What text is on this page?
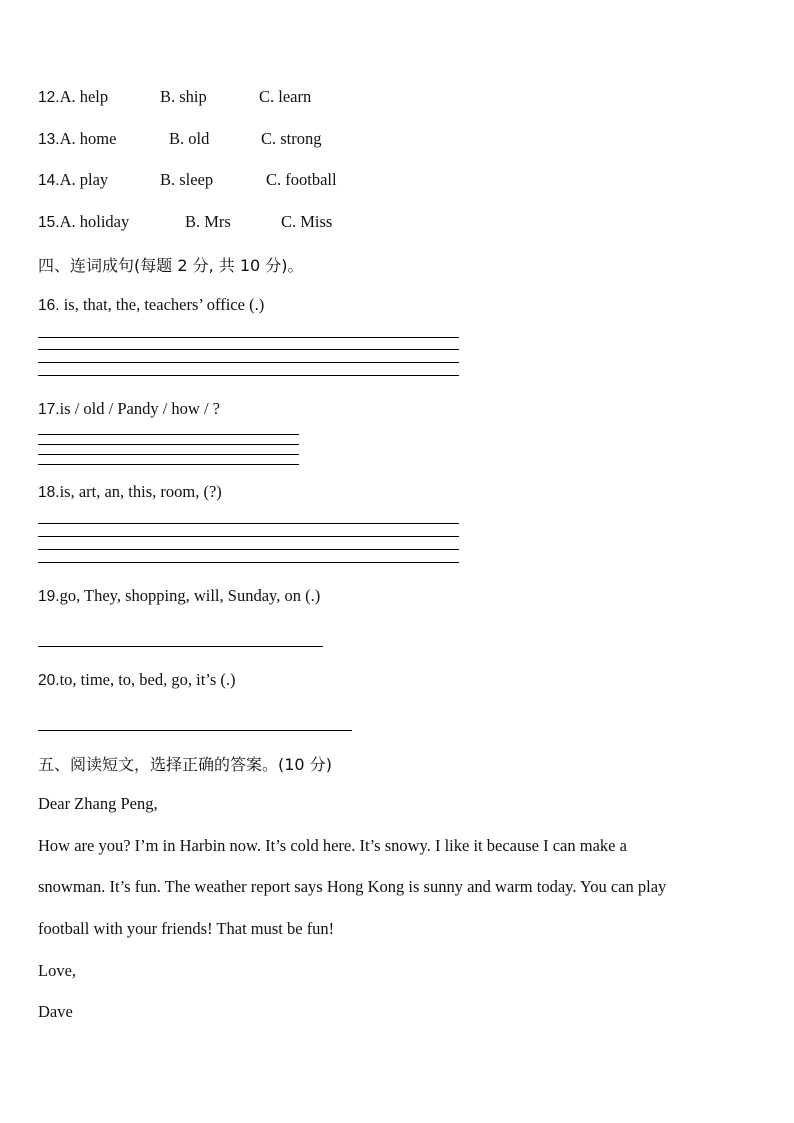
12.A. help	B. ship	C. learn
13.A. home	B. old	C. strong
14.A. play	B. sleep	C. football
15.A. holiday	B. Mrs	C. Miss
四、连词成句(每题 2 分, 共 10 分)。
16. is, that, the, teachers’ office (.)
17.is / old / Pandy / how / ?
18.is, art, an, this, room, (?)
19.go, They, shopping, will, Sunday, on (.)
20.to, time, to, bed, go, it’s (.)
五、阅读短文，选择正确的答案。(10 分)
Dear Zhang Peng,
How are you? I’m in Harbin now. It’s cold here. It’s snowy. I like it because I can make a
snowman. It’s fun. The weather report says Hong Kong is sunny and warm today. You can play
football with your friends! That must be fun!
Love,
Dave
